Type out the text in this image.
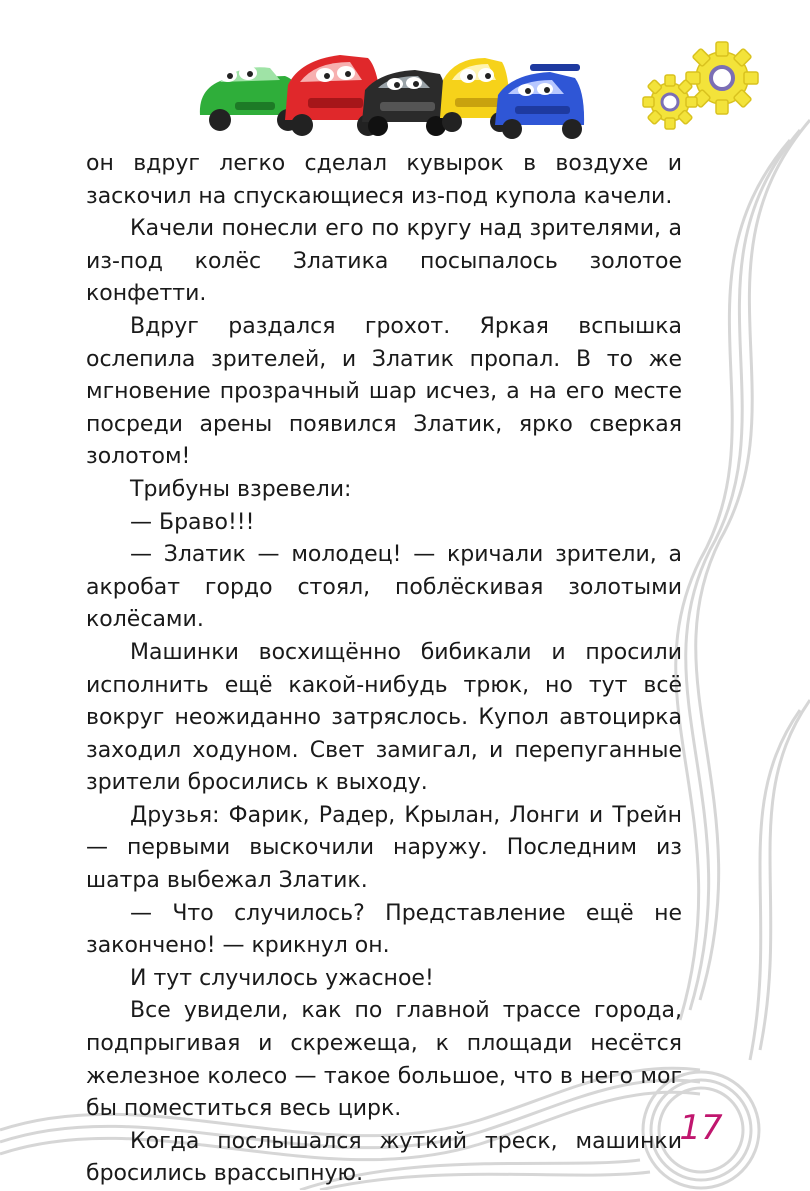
он вдруг легко сделал кувырок в воздухе и заскочил на спускающиеся из-под купола качели.

Качели понесли его по кругу над зрителями, а из-под колёс Златика посыпалось золотое конфетти.

Вдруг раздался грохот. Яркая вспышка ослепила зрителей, и Златик пропал. В то же мгновение прозрачный шар исчез, а на его месте посреди арены появился Златик, ярко сверкая золотом!

Трибуны взревели:

— Браво!!!

— Златик — молодец! — кричали зрители, а акробат гордо стоял, поблёскивая золотыми колёсами.

Машинки восхищённо бибикали и просили исполнить ещё какой-нибудь трюк, но тут всё вокруг неожиданно затряслось. Купол автоцирка заходил ходуном. Свет замигал, и перепуганные зрители бросились к выходу.

Друзья: Фарик, Радер, Крылан, Лонги и Трейн — первыми выскочили наружу. Последним из шатра выбежал Златик.

— Что случилось? Представление ещё не закончено! — крикнул он.

И тут случилось ужасное!

Все увидели, как по главной трассе города, подпрыгивая и скрежеща, к площади несётся железное колесо — такое большое, что в него мог бы поместиться весь цирк.

Когда послышался жуткий треск, машинки бросились врассыпную.

17
